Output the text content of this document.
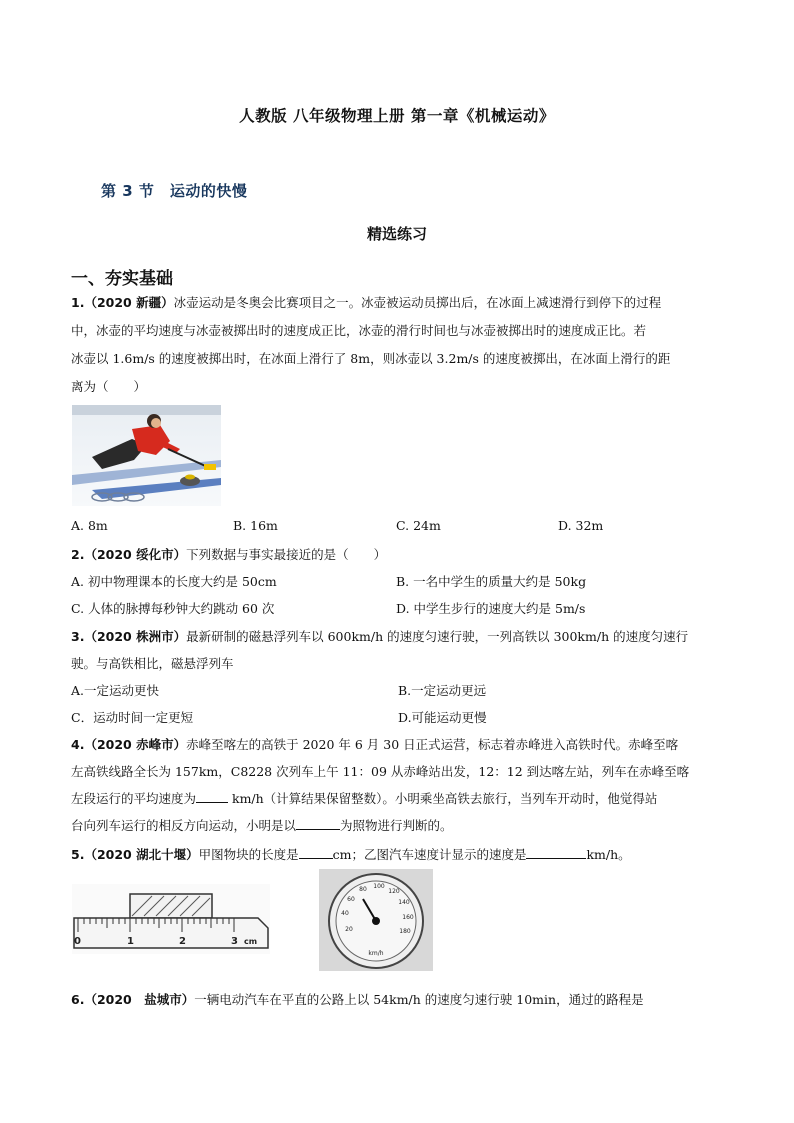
人教版 八年级物理上册 第一章《机械运动》
第 3 节　运动的快慢
精选练习
一、夯实基础
1.（2020 新疆）冰壶运动是冬奥会比赛项目之一。冰壶被运动员掷出后，在冰面上减速滑行到停下的过程
中，冰壶的平均速度与冰壶被掷出时的速度成正比，冰壶的滑行时间也与冰壶被掷出时的速度成正比。若
冰壶以 1.6m/s 的速度被掷出时，在冰面上滑行了 8m，则冰壶以 3.2m/s 的速度被掷出，在冰面上滑行的距
离为（　　）
A. 8m	B. 16m	C. 24m	D. 32m
2.（2020 绥化市）下列数据与事实最接近的是（　　）
A. 初中物理课本的长度大约是 50cm	B. 一名中学生的质量大约是 50kg
C. 人体的脉搏每秒钟大约跳动 60 次	D. 中学生步行的速度大约是 5m/s
3.（2020 株洲市）最新研制的磁悬浮列车以 600km/h 的速度匀速行驶，一列高铁以 300km/h 的速度匀速行
驶。与高铁相比，磁悬浮列车
A.一定运动更快	B.一定运动更远
C．运动时间一定更短	D.可能运动更慢
4.（2020 赤峰市）赤峰至喀左的高铁于 2020 年 6 月 30 日正式运营，标志着赤峰进入高铁时代。赤峰至喀
左高铁线路全长为 157km，C8228 次列车上午 11：09 从赤峰站出发，12：12 到达喀左站，列车在赤峰至喀
左段运行的平均速度为	km/h（计算结果保留整数）。小明乘坐高铁去旅行，当列车开动时，他觉得站
台向列车运行的相反方向运动，小明是以	为照物进行判断的。
5.（2020 湖北十堰）甲图物块的长度是	cm；乙图汽车速度计显示的速度是	km/h。
0	1	2	3 cm
20
40
60
80 100
120
140
160
180
km/h
6.（2020　盐城市）一辆电动汽车在平直的公路上以 54km/h 的速度匀速行驶 10min，通过的路程是
